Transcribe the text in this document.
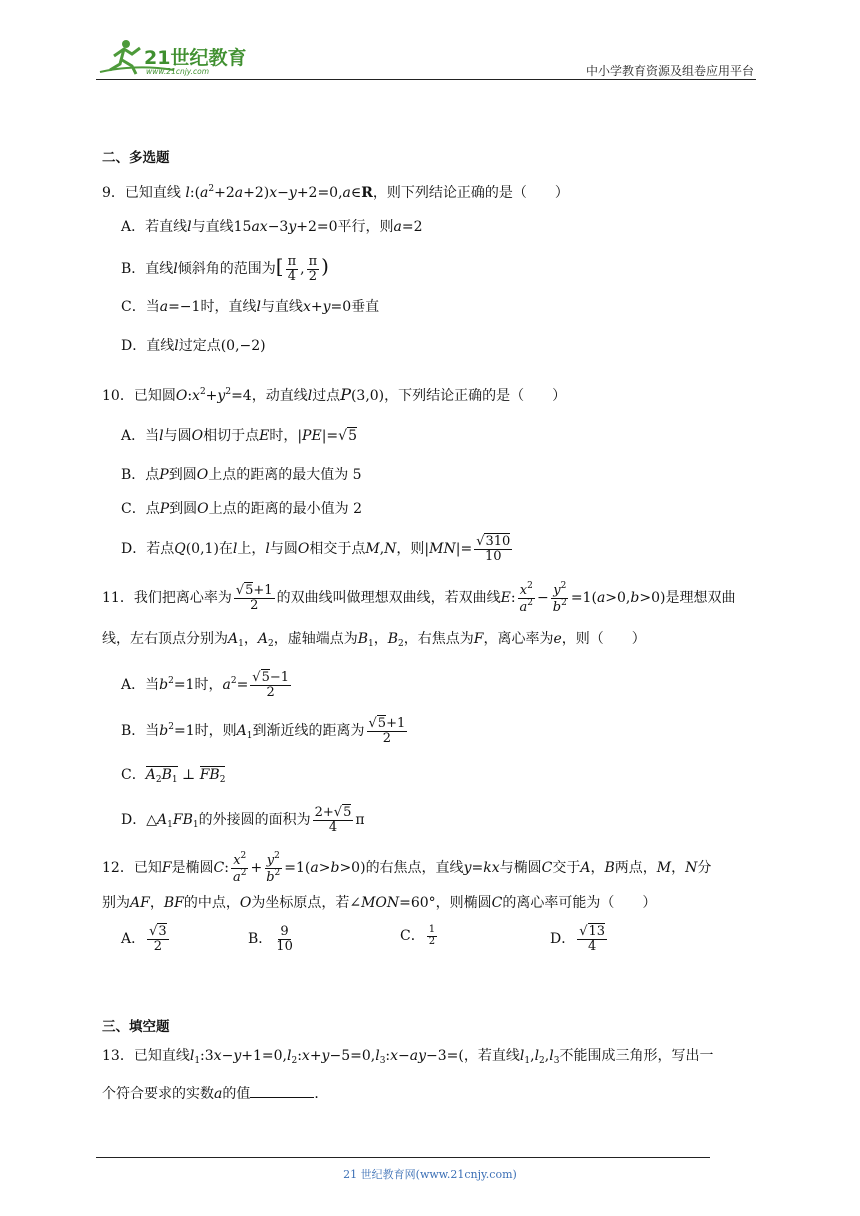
21世纪教育
www.21cnjy.com	中小学教育资源及组卷应用平台
二、多选题
9．已知直线 $l:(a^2+2a+2)x-y+2=0,a\in R$，则下列结论正确的是（　　）
A．若直线l与直线15ax−3y+2=0平行，则a=2
B．直线l倾斜角的范围为[ $\frac{\pi}{4}$ , $\frac{\pi}{2}$ )
C．当a=−1时，直线l与直线x+y=0垂直
D．直线l过定点(0,−2)
10．已知圆$O:x^2+y^2=4$，动直线l过点P(3,0)，下列结论正确的是（　　）
A．当l与圆O相切于点E时，|PE|=√5
B．点P到圆O上点的距离的最大值为 5
C．点P到圆O上点的距离的最小值为 2
D．若点Q(0,1)在l上，l与圆O相交于点M,N，则$|MN|= \frac{√310}{10}$
11．我们把离心率为 $\frac{√5+1}{2}$ 的双曲线叫做理想双曲线，若双曲线E: $\frac{x^2}{a^2} - \frac{y^2}{b^2} =1(a>0,b>0)$是理想双曲
线，左右顶点分别为$A_1$，$A_2$，虚轴端点为$B_1$，$B_2$，右焦点为F，离心率为e，则（　　）
A．当$b^2=1$时，$a^2= \frac{√5-1}{2}$
B．当$b^2=1$时，则$A_1$到渐近线的距离为 $\frac{√5+1}{2}$
C．$A_2B_1$ ⊥ $FB_2$
D．$\triangle A_1FB_1$的外接圆的面积为 $\frac{2+√5}{4}$ π
12．已知F是椭圆C: $\frac{x^2}{a^2} + \frac{y^2}{b^2} =1(a>b>0)$的右焦点，直线y=kx与椭圆C交于A，B两点，M，N分
别为AF，BF的中点，O为坐标原点，若∠MON=60°，则椭圆C的离心率可能为（　　）
A． $\frac{√3}{2}$	B． $\frac{9}{10}$	C． $\frac{1}{2}$	D． $\frac{√13}{4}$
三、填空题
13．已知直线$l_1:3x-y+1=0,l_2:x+y-5=0,l_3:x-ay-3=$(，若直线$l_1,l_2,l_3$不能围成三角形，写出一
个符合要求的实数a的值	．
21 世纪教育网(www.21cnjy.com)
